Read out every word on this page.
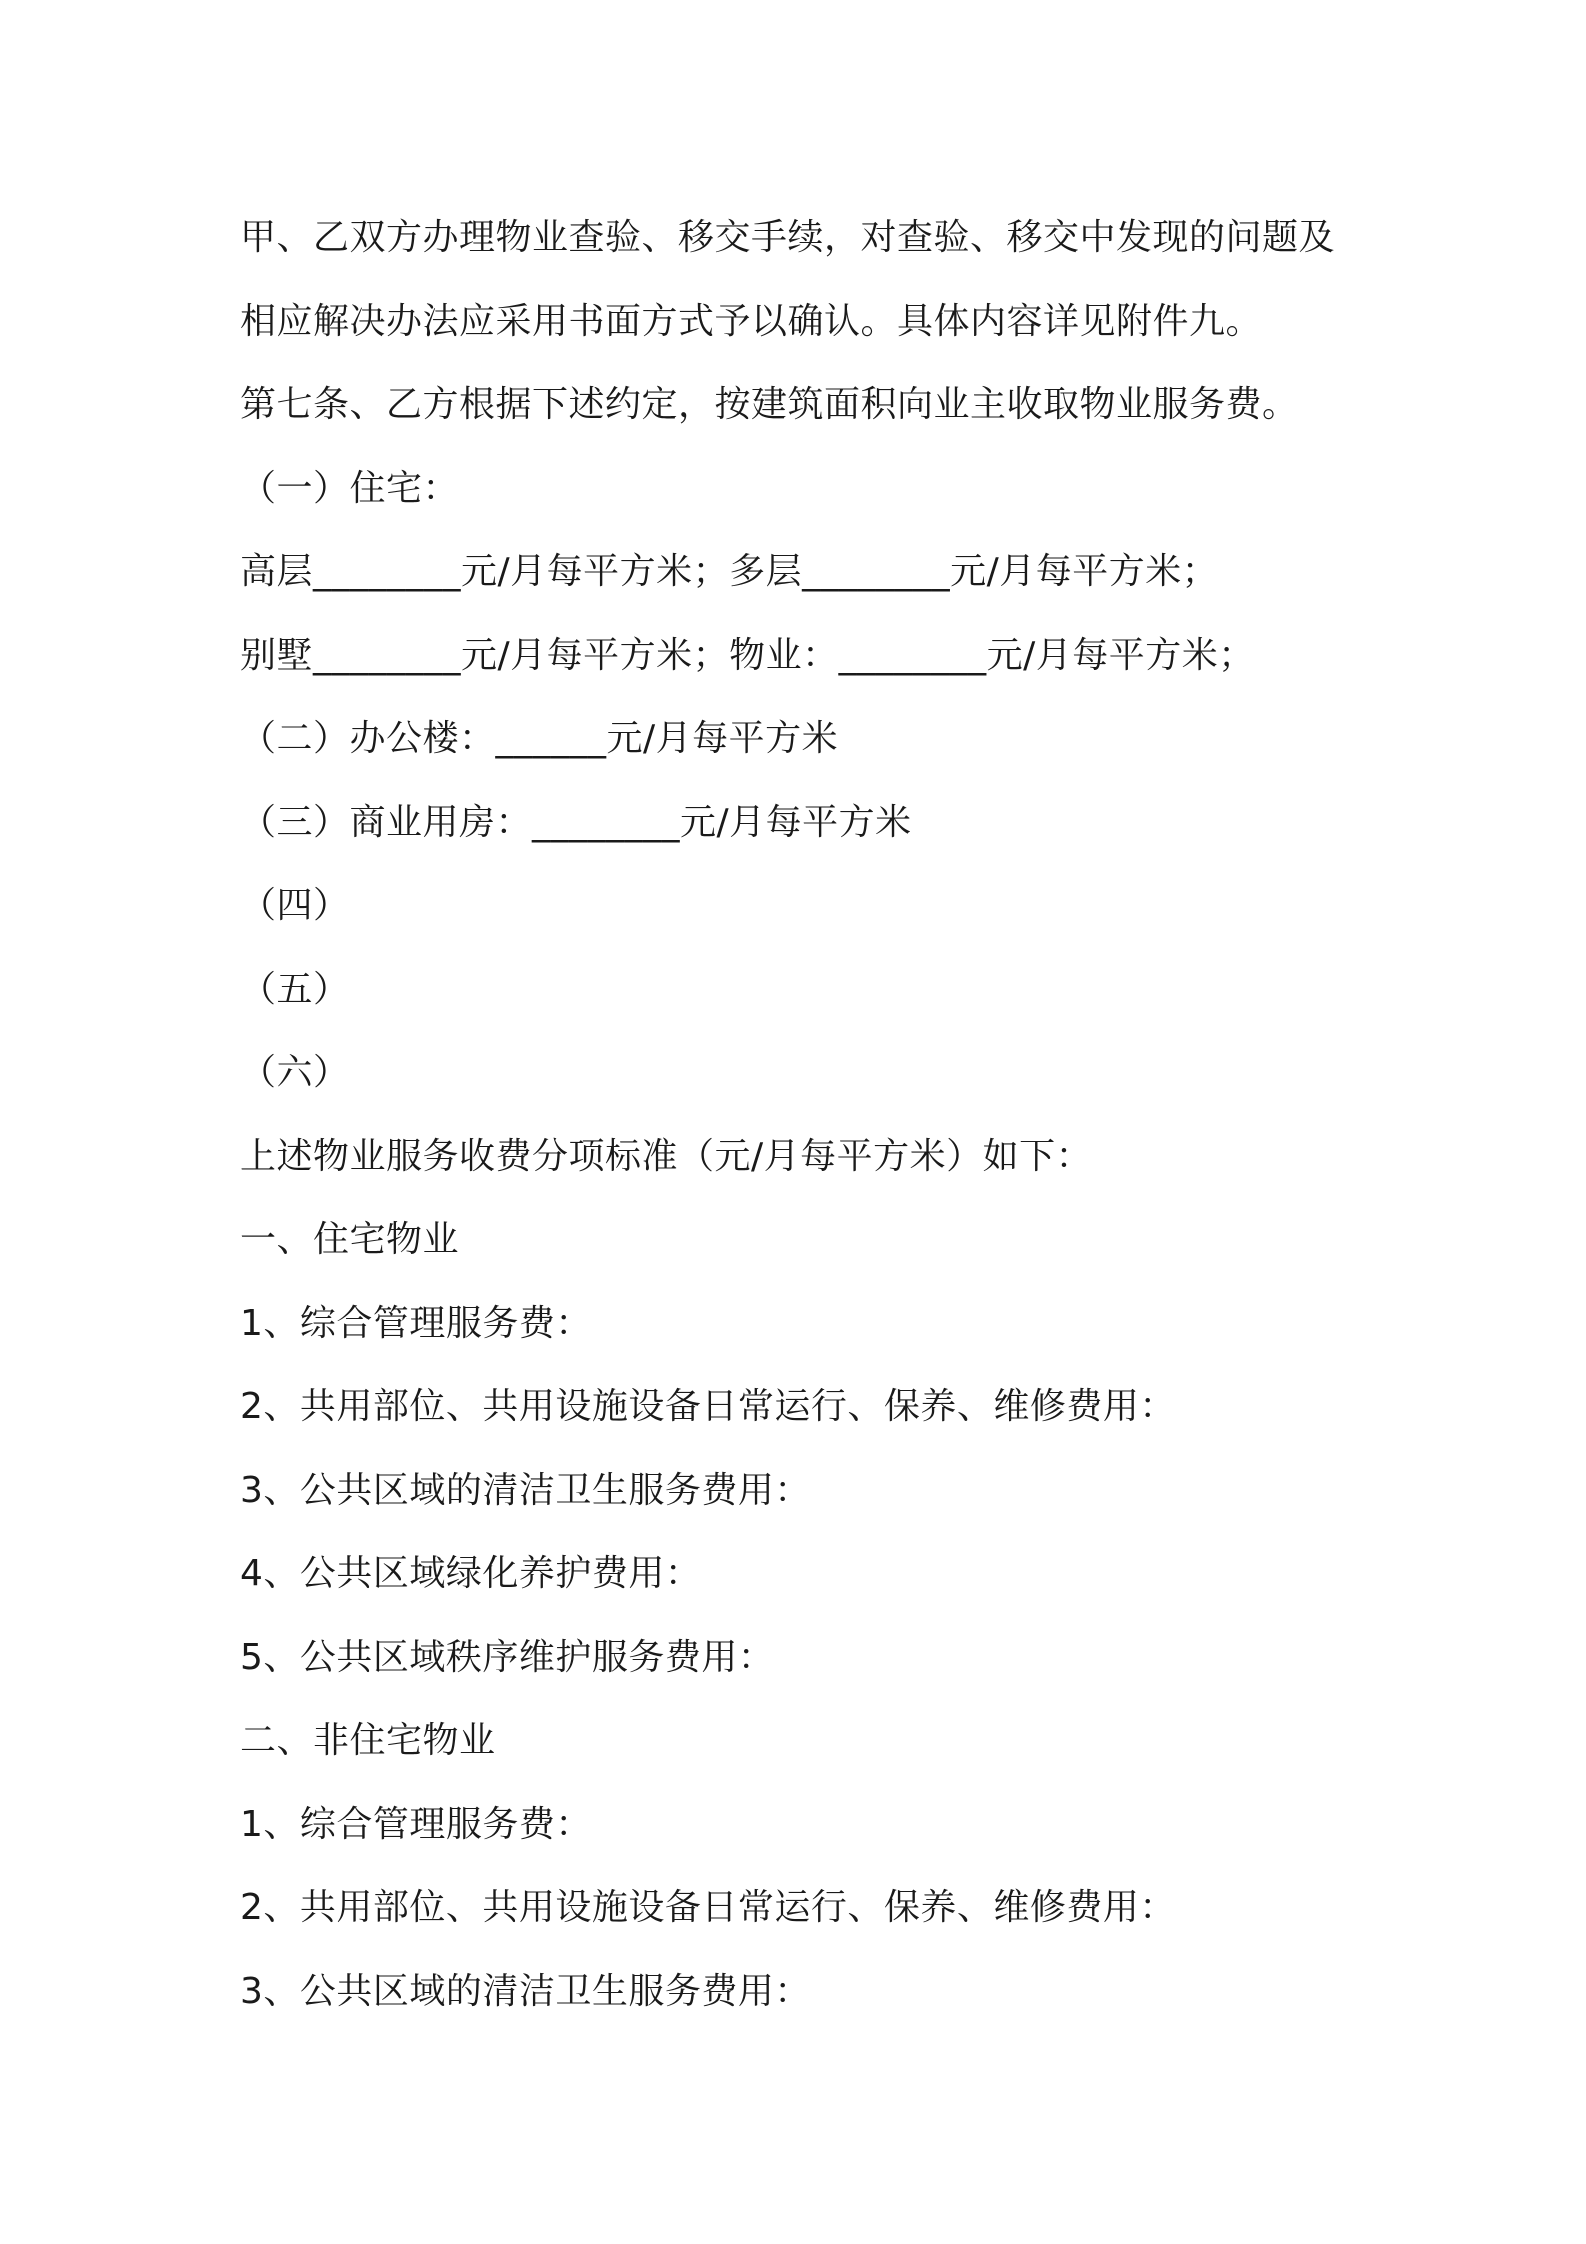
甲、乙双方办理物业查验、移交手续，对查验、移交中发现的问题及
相应解决办法应采用书面方式予以确认。具体内容详见附件九。
第七条、乙方根据下述约定，按建筑面积向业主收取物业服务费。
（一）住宅：
高层________元/月每平方米；多层________元/月每平方米；
别墅________元/月每平方米；物业：________元/月每平方米；
（二）办公楼：______元/月每平方米
（三）商业用房：________元/月每平方米
（四）
（五）
（六）
上述物业服务收费分项标准（元/月每平方米）如下：
一、住宅物业
1、综合管理服务费：
2、共用部位、共用设施设备日常运行、保养、维修费用：
3、公共区域的清洁卫生服务费用：
4、公共区域绿化养护费用：
5、公共区域秩序维护服务费用：
二、非住宅物业
1、综合管理服务费：
2、共用部位、共用设施设备日常运行、保养、维修费用：
3、公共区域的清洁卫生服务费用：
